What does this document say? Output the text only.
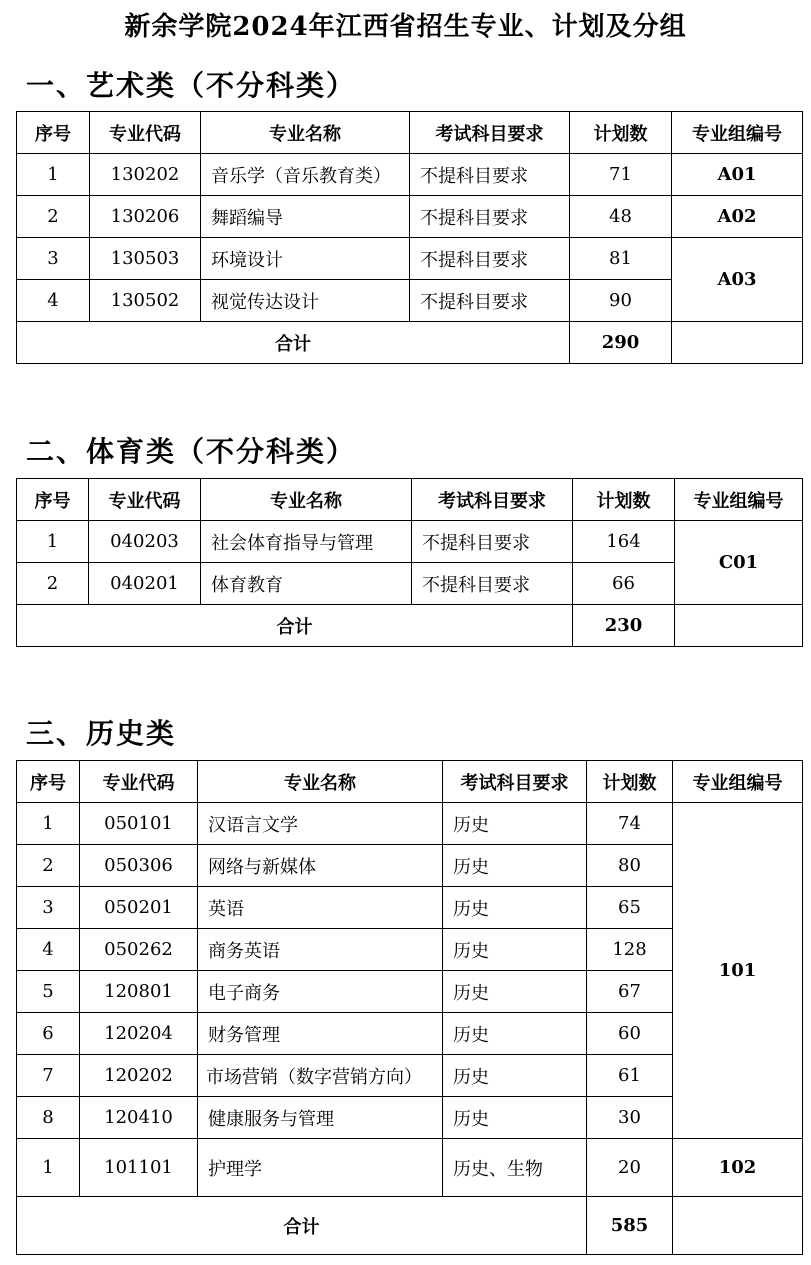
新余学院2024年江西省招生专业、计划及分组
一、艺术类（不分科类）
序号	专业代码	专业名称	考试科目要求	计划数	专业组编号
1	130202	音乐学（音乐教育类）	不提科目要求	71	A01
2	130206	舞蹈编导	不提科目要求	48	A02
3	130503	环境设计	不提科目要求	81	A03
4	130502	视觉传达设计	不提科目要求	90	
合计				290	
二、体育类（不分科类）
序号	专业代码	专业名称	考试科目要求	计划数	专业组编号
1	040203	社会体育指导与管理	不提科目要求	164	C01
2	040201	体育教育	不提科目要求	66	
合计				230	
三、历史类
序号	专业代码	专业名称	考试科目要求	计划数	专业组编号
1	050101	汉语言文学	历史	74	101
2	050306	网络与新媒体	历史	80	
3	050201	英语	历史	65	
4	050262	商务英语	历史	128	
5	120801	电子商务	历史	67	
6	120204	财务管理	历史	60	
7	120202	市场营销（数字营销方向）	历史	61	
8	120410	健康服务与管理	历史	30	
1	101101	护理学	历史、生物	20	102
合计				585	
